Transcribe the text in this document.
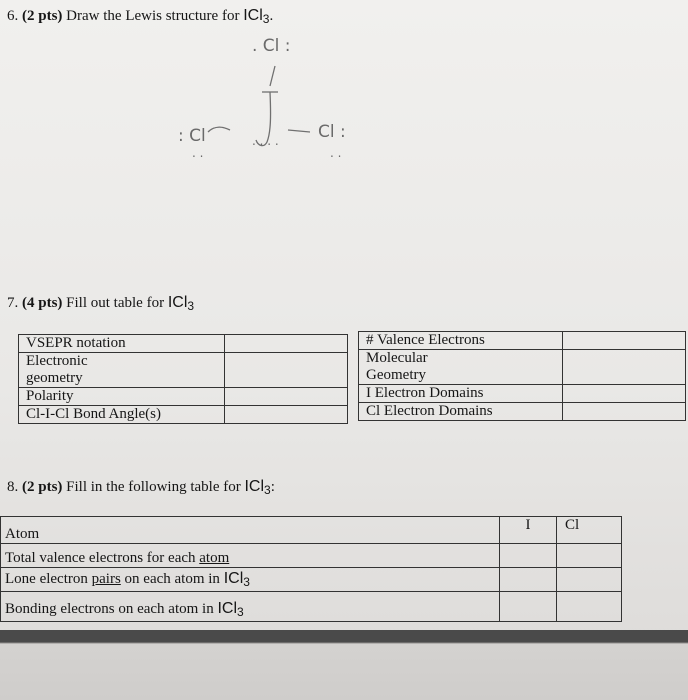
6. (2 pts) Draw the Lewis structure for ICl$_3$.
. Cl :
: Cl	Cl :
. .	. .
. . . .
7. (4 pts) Fill out table for ICl$_3$
VSEPR notation	
Electronic
geometry	
Polarity	
Cl-I-Cl Bond Angle(s)	
# Valence Electrons	
Molecular
Geometry	
I Electron Domains	
Cl Electron Domains	
8. (2 pts) Fill in the following table for ICl$_3$:
Atom	I	Cl
Total valence electrons for each atom		
Lone electron pairs on each atom in ICl$_3$		
Bonding electrons on each atom in ICl$_3$		
